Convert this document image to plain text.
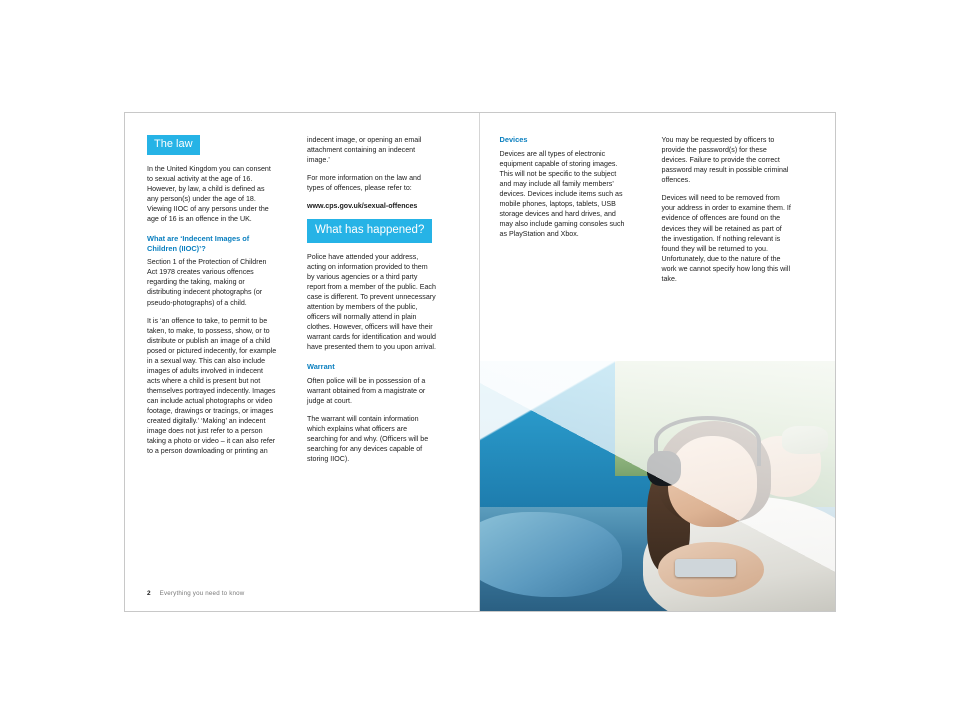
The law

In the United Kingdom you can consent to sexual activity at the age of 16. However, by law, a child is defined as any person(s) under the age of 18. Viewing IIOC of any persons under the age of 16 is an offence in the UK.

What are ‘Indecent Images of Children (IIOC)’?

Section 1 of the Protection of Children Act 1978 creates various offences regarding the taking, making or distributing indecent photographs (or pseudo-photographs) of a child.

It is ‘an offence to take, to permit to be taken, to make, to possess, show, or to distribute or publish an image of a child posed or pictured indecently, for example in a sexual way. This can also include images of adults involved in indecent acts where a child is present but not themselves portrayed indecently. Images can include actual photographs or video footage, drawings or tracings, or images created digitally.’ ‘Making’ an indecent image does not just refer to a person taking a photo or video – it can also refer to a person downloading or printing an

indecent image, or opening an email attachment containing an indecent image.’

For more information on the law and types of offences, please refer to:

www.cps.gov.uk/sexual-offences

What has happened?

Police have attended your address, acting on information provided to them by various agencies or a third party report from a member of the public. Each case is different. To prevent unnecessary attention by members of the public, officers will normally attend in plain clothes. However, officers will have their warrant cards for identification and would have presented them to you upon arrival.

Warrant

Often police will be in possession of a warrant obtained from a magistrate or judge at court.

The warrant will contain information which explains what officers are searching for and why. (Officers will be searching for any devices capable of storing IIOC).

2 Everything you need to know
Devices

Devices are all types of electronic equipment capable of storing images. This will not be specific to the subject and may include all family members’ devices. Devices include items such as mobile phones, laptops, tablets, USB storage devices and hard drives, and may also include gaming consoles such as PlayStation and Xbox.

You may be requested by officers to provide the password(s) for these devices. Failure to provide the correct password may result in possible criminal offences.

Devices will need to be removed from your address in order to examine them. If evidence of offences are found on the devices they will be retained as part of the investigation. If nothing relevant is found they will be returned to you. Unfortunately, due to the nature of the work we cannot specify how long this will take.
